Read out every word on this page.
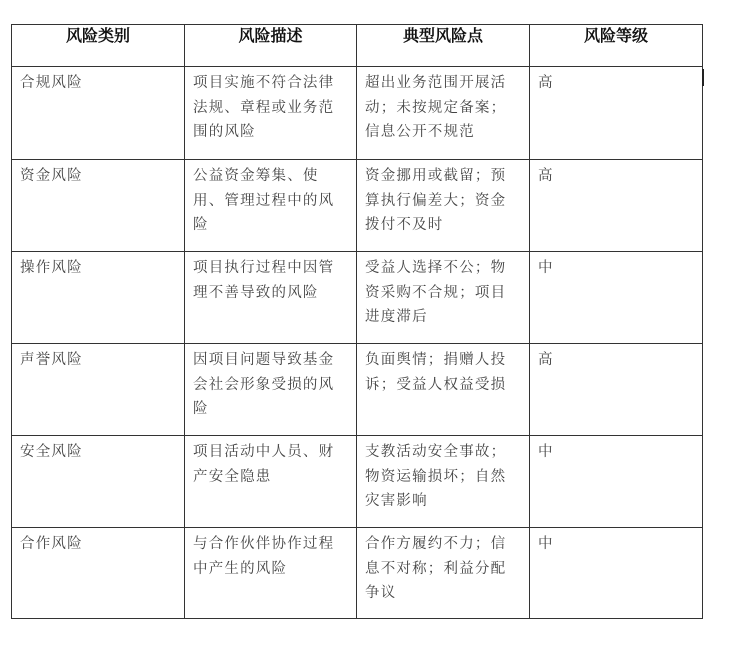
风险类别	风险描述	典型风险点	风险等级
合规风险	项目实施不符合法律法规、章程或业务范围的风险	超出业务范围开展活动；未按规定备案；信息公开不规范	高
资金风险	公益资金筹集、使用、管理过程中的风险	资金挪用或截留；预算执行偏差大；资金拨付不及时	高
操作风险	项目执行过程中因管理不善导致的风险	受益人选择不公；物资采购不合规；项目进度滞后	中
声誉风险	因项目问题导致基金会社会形象受损的风险	负面舆情；捐赠人投诉；受益人权益受损	高
安全风险	项目活动中人员、财产安全隐患	支教活动安全事故；物资运输损坏；自然灾害影响	中
合作风险	与合作伙伴协作过程中产生的风险	合作方履约不力；信息不对称；利益分配争议	中
